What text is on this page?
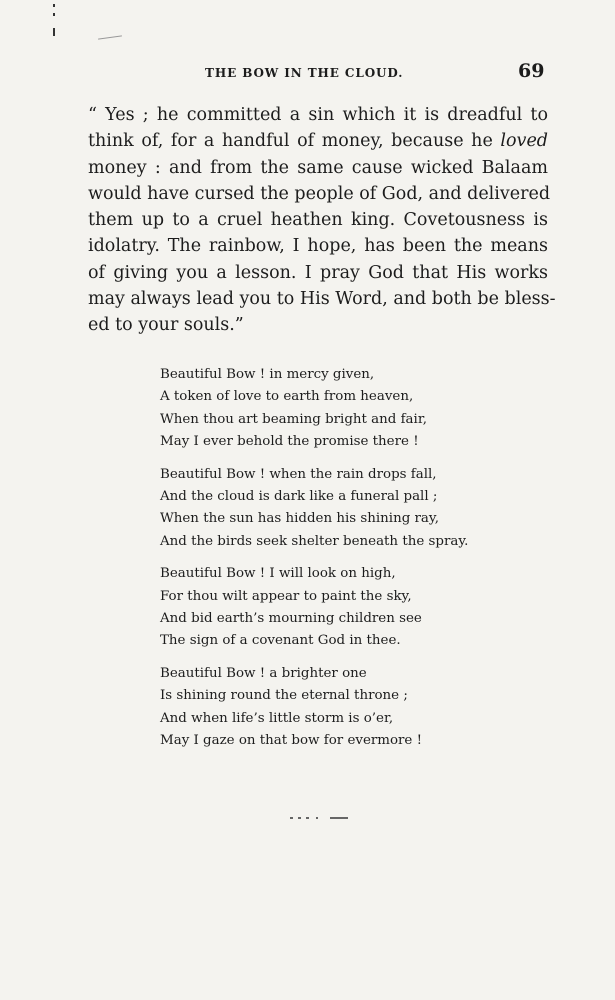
THE BOW IN THE CLOUD.	69
“ Yes ; he committed a sin which it is dreadful to
think of, for a handful of money, because he loved
money : and from the same cause wicked Balaam
would have cursed the people of God, and delivered
them up to a cruel heathen king. Covetousness is
idolatry. The rainbow, I hope, has been the means
of giving you a lesson. I pray God that His works
may always lead you to His Word, and both be bless-
ed to your souls.”
Beautiful Bow ! in mercy given,
A token of love to earth from heaven,
When thou art beaming bright and fair,
May I ever behold the promise there !
Beautiful Bow ! when the rain drops fall,
And the cloud is dark like a funeral pall ;
When the sun has hidden his shining ray,
And the birds seek shelter beneath the spray.
Beautiful Bow ! I will look on high,
For thou wilt appear to paint the sky,
And bid earth’s mourning children see
The sign of a covenant God in thee.
Beautiful Bow ! a brighter one
Is shining round the eternal throne ;
And when life’s little storm is o’er,
May I gaze on that bow for evermore !
